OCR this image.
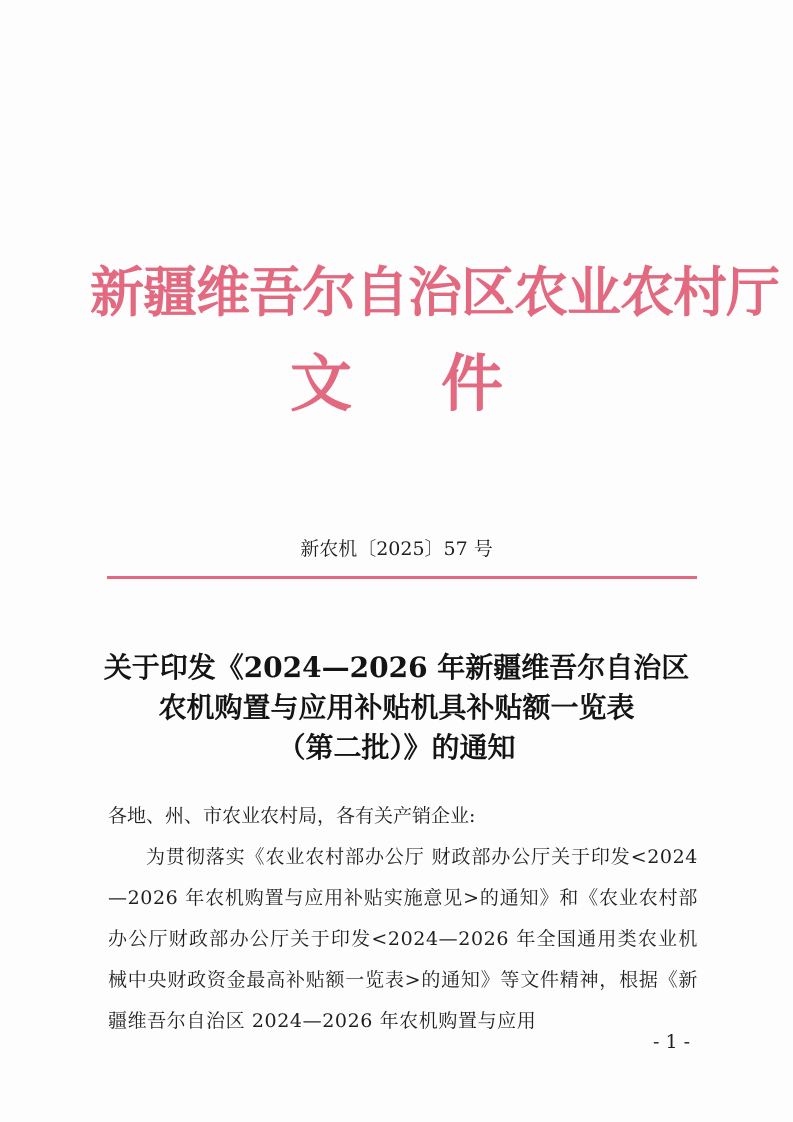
新疆维吾尔自治区农业农村厅
文 件
新农机〔2025〕57 号
关于印发《2024—2026 年新疆维吾尔自治区
农机购置与应用补贴机具补贴额一览表
（第二批）》的通知

各地、州、市农业农村局，各有关产销企业:

为贯彻落实《农业农村部办公厅 财政部办公厅关于印发<2024—2026 年农机购置与应用补贴实施意见>的通知》和《农业农村部办公厅财政部办公厅关于印发<2024—2026 年全国通用类农业机械中央财政资金最高补贴额一览表>的通知》等文件精神，根据《新疆维吾尔自治区 2024—2026 年农机购置与应用

- 1 -
